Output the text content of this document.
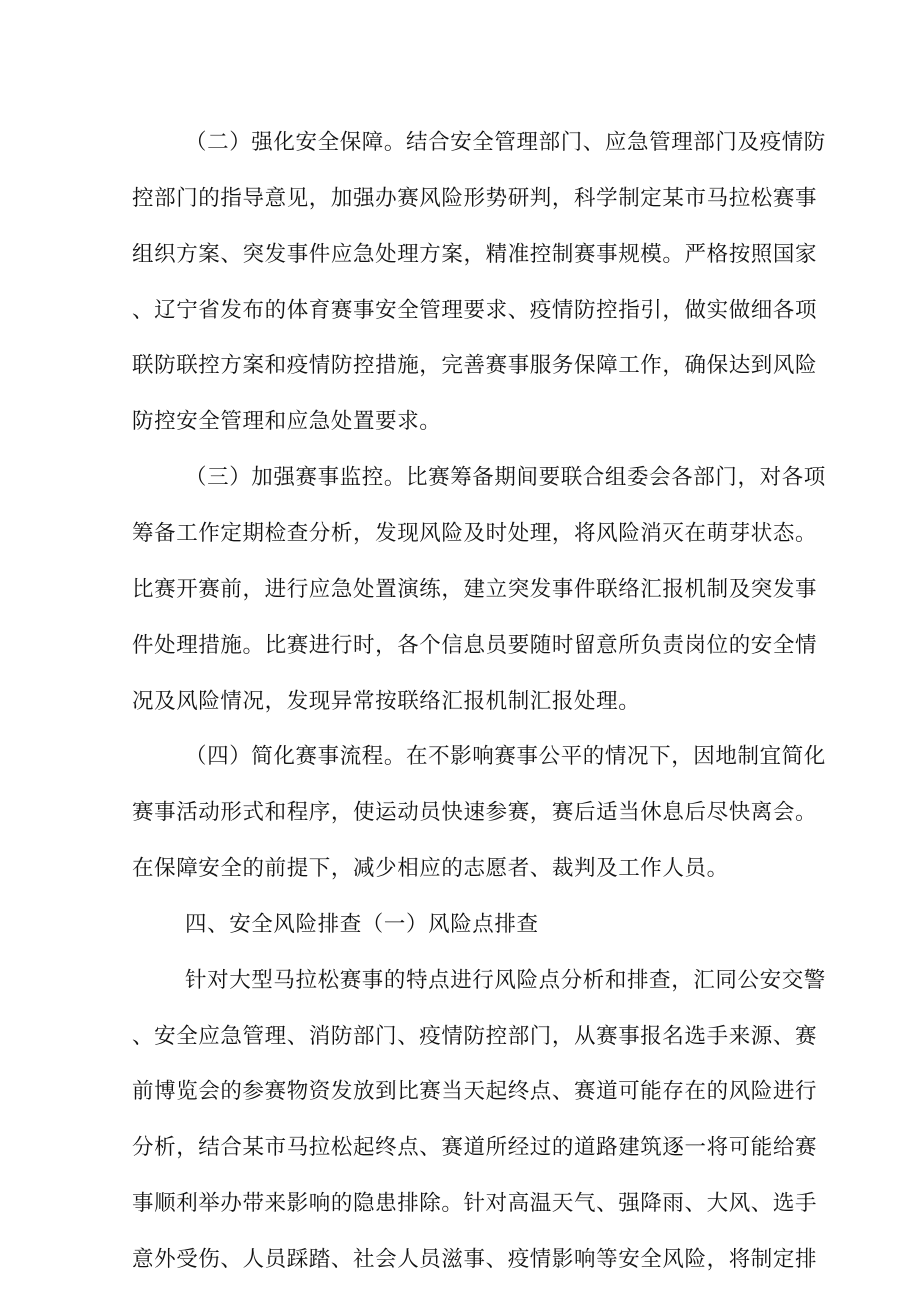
（二）强化安全保障。结合安全管理部门、应急管理部门及疫情防
控部门的指导意见，加强办赛风险形势研判，科学制定某市马拉松赛事
组织方案、突发事件应急处理方案，精准控制赛事规模。严格按照国家
、辽宁省发布的体育赛事安全管理要求、疫情防控指引，做实做细各项
联防联控方案和疫情防控措施，完善赛事服务保障工作，确保达到风险
防控安全管理和应急处置要求。
（三）加强赛事监控。比赛筹备期间要联合组委会各部门，对各项
筹备工作定期检查分析，发现风险及时处理，将风险消灭在萌芽状态。
比赛开赛前，进行应急处置演练，建立突发事件联络汇报机制及突发事
件处理措施。比赛进行时，各个信息员要随时留意所负责岗位的安全情
况及风险情况，发现异常按联络汇报机制汇报处理。
（四）简化赛事流程。在不影响赛事公平的情况下，因地制宜简化
赛事活动形式和程序，使运动员快速参赛，赛后适当休息后尽快离会。
在保障安全的前提下，减少相应的志愿者、裁判及工作人员。
四、安全风险排查（一）风险点排查
针对大型马拉松赛事的特点进行风险点分析和排查，汇同公安交警
、安全应急管理、消防部门、疫情防控部门，从赛事报名选手来源、赛
前博览会的参赛物资发放到比赛当天起终点、赛道可能存在的风险进行
分析，结合某市马拉松起终点、赛道所经过的道路建筑逐一将可能给赛
事顺利举办带来影响的隐患排除。针对高温天气、强降雨、大风、选手
意外受伤、人员踩踏、社会人员滋事、疫情影响等安全风险，将制定排
